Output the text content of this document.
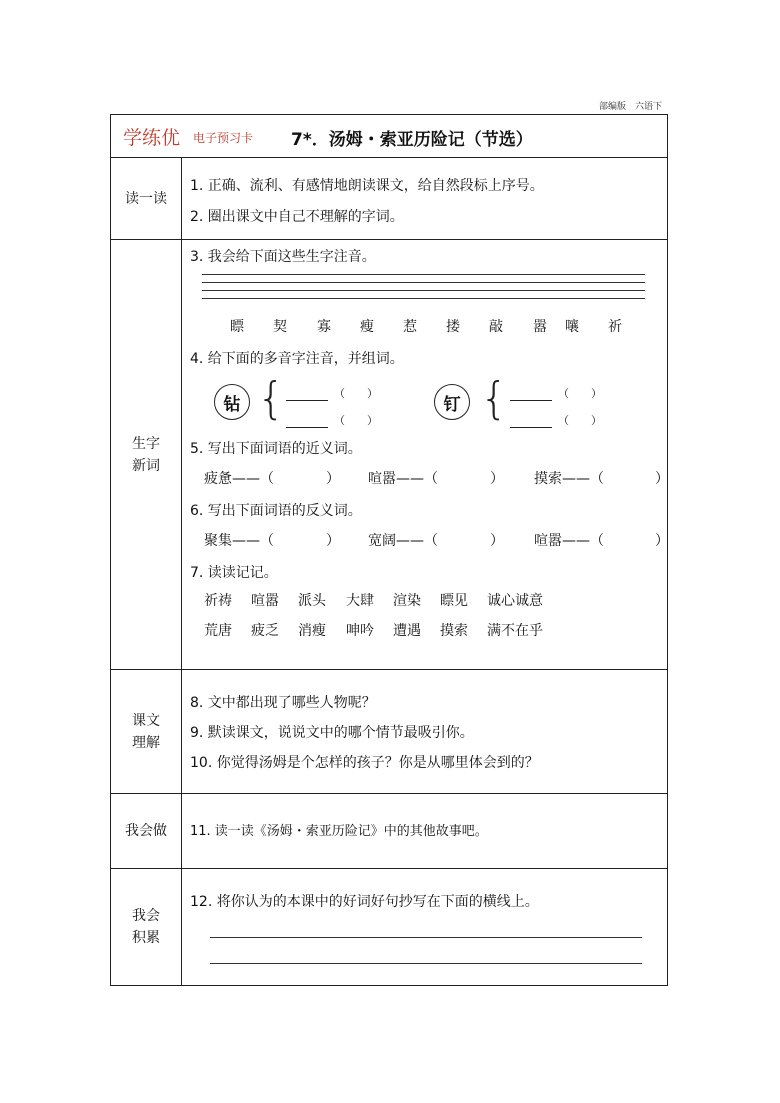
部编版　六语下
学练优 电子预习卡 7*．汤姆・索亚历险记（节选）
读一读
1. 正确、流利、有感情地朗读课文，给自然段标上序号。
2. 圈出课文中自己不理解的字词。
生字
新词
3. 我会给下面这些生字注音。
瞟 契 寡 瘦 惹 搂 敲 嚣 嚷 祈
4. 给下面的多音字注音，并组词。
钻 {	（　　）
（　　）
钉 {	（　　）
（　　）
5. 写出下面词语的近义词。
疲惫——（	） 喧嚣——（	） 摸索——（	）
6. 写出下面词语的反义词。
聚集——（	） 宽阔——（	） 喧嚣——（	）
7. 读读记记。
祈祷 喧嚣 派头 大肆 渲染 瞟见 诚心诚意
荒唐 疲乏 消瘦 呻吟 遭遇 摸索 满不在乎
课文
理解
8. 文中都出现了哪些人物呢？
9. 默读课文，说说文中的哪个情节最吸引你。
10. 你觉得汤姆是个怎样的孩子？你是从哪里体会到的？
我会做	11. 读一读《汤姆・索亚历险记》中的其他故事吧。
我会
积累
12. 将你认为的本课中的好词好句抄写在下面的横线上。
